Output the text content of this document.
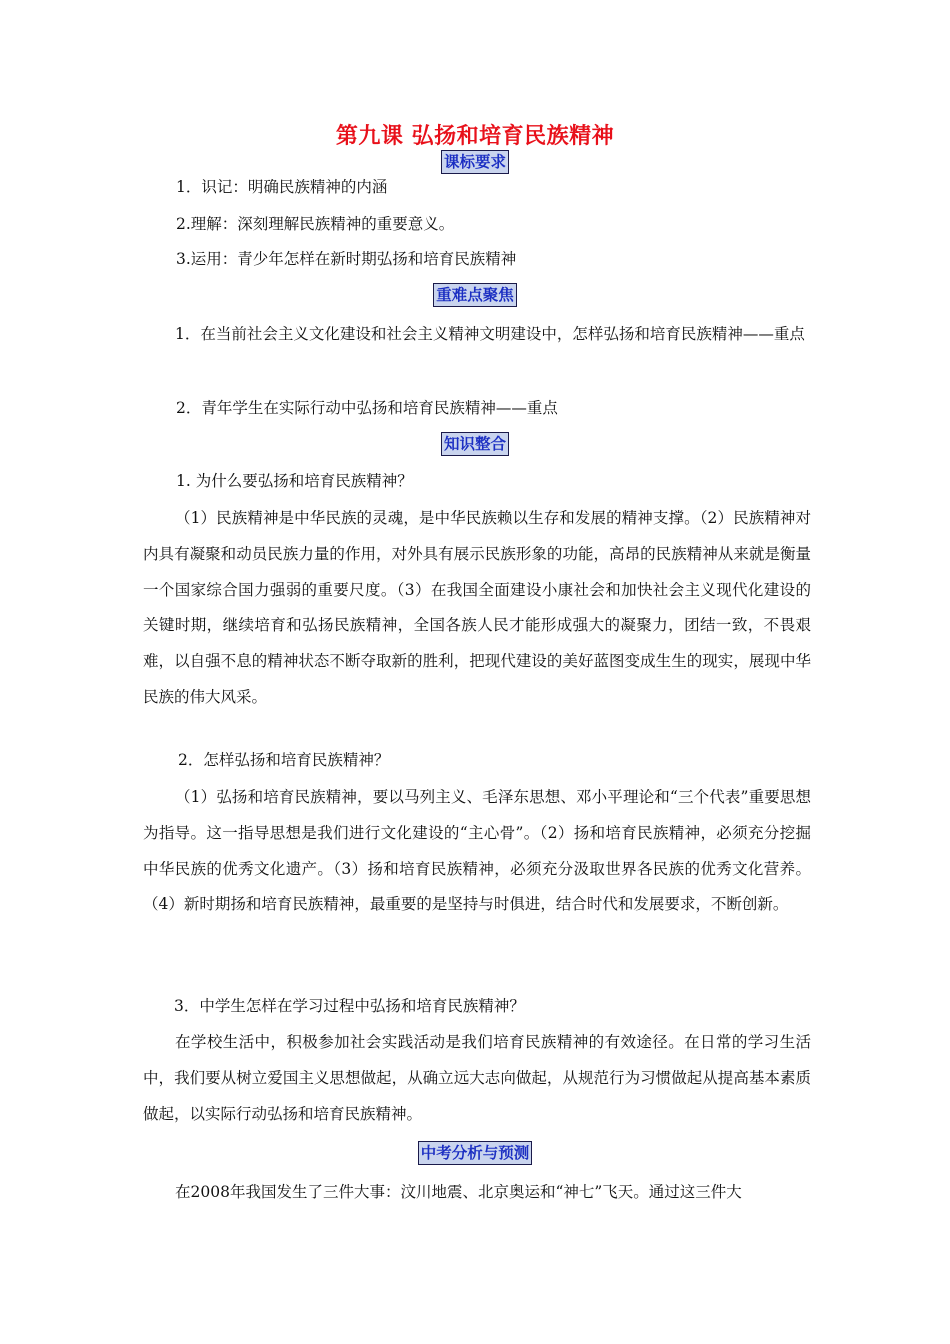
第九课 弘扬和培育民族精神
课标要求
1．识记：明确民族精神的内涵
2.理解：深刻理解民族精神的重要意义。
3.运用：青少年怎样在新时期弘扬和培育民族精神
重难点聚焦
1．在当前社会主义文化建设和社会主义精神文明建设中，怎样弘扬和培育民族精神——重点
2．青年学生在实际行动中弘扬和培育民族精神——重点
知识整合
1. 为什么要弘扬和培育民族精神？
（1）民族精神是中华民族的灵魂，是中华民族赖以生存和发展的精神支撑。（2）民族精神对内具有凝聚和动员民族力量的作用，对外具有展示民族形象的功能，高昂的民族精神从来就是衡量一个国家综合国力强弱的重要尺度。（3）在我国全面建设小康社会和加快社会主义现代化建设的关键时期，继续培育和弘扬民族精神，全国各族人民才能形成强大的凝聚力，团结一致，不畏艰难，以自强不息的精神状态不断夺取新的胜利，把现代建设的美好蓝图变成生生的现实，展现中华民族的伟大风采。
2．怎样弘扬和培育民族精神？
（1）弘扬和培育民族精神，要以马列主义、毛泽东思想、邓小平理论和“三个代表”重要思想为指导。这一指导思想是我们进行文化建设的“主心骨”。（2）扬和培育民族精神，必须充分挖掘中华民族的优秀文化遗产。（3）扬和培育民族精神，必须充分汲取世界各民族的优秀文化营养。（4）新时期扬和培育民族精神，最重要的是坚持与时俱进，结合时代和发展要求，不断创新。
3．中学生怎样在学习过程中弘扬和培育民族精神？
在学校生活中，积极参加社会实践活动是我们培育民族精神的有效途径。在日常的学习生活中，我们要从树立爱国主义思想做起，从确立远大志向做起，从规范行为习惯做起从提高基本素质做起，以实际行动弘扬和培育民族精神。
中考分析与预测
在2008年我国发生了三件大事：汶川地震、北京奥运和“神七”飞天。通过这三件大
